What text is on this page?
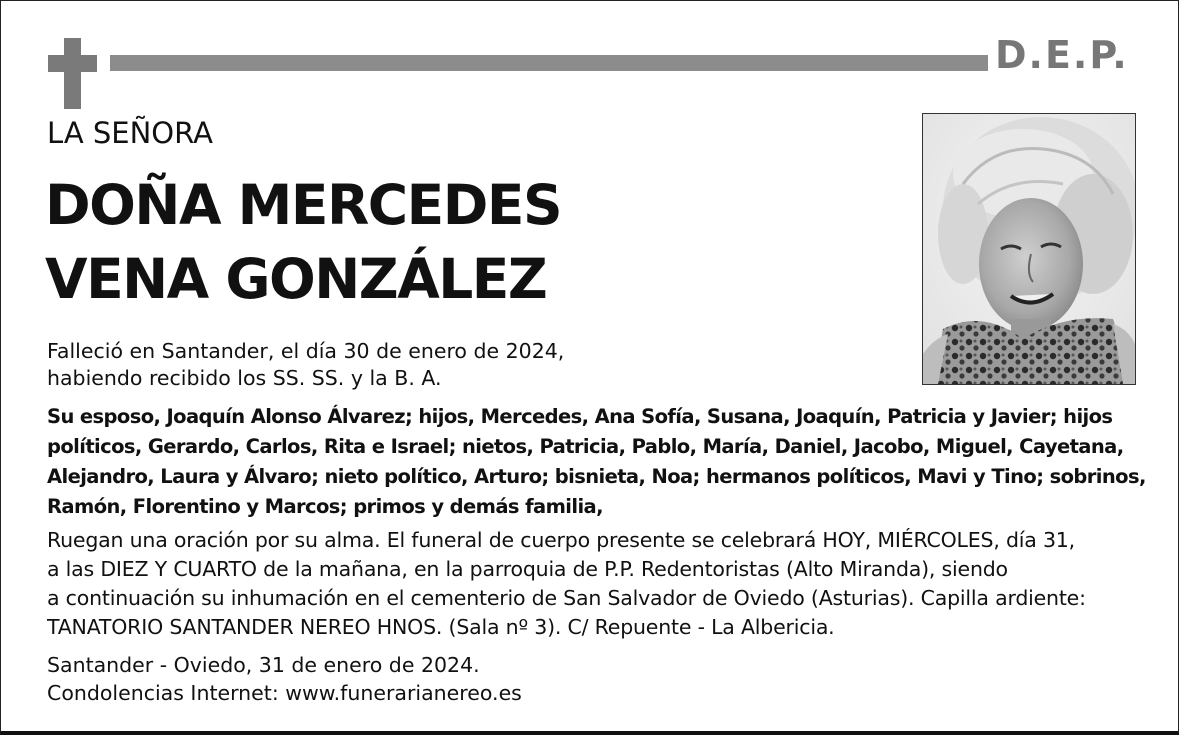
D.E.P.
LA SEÑORA
DOÑA MERCEDES
VENA GONZÁLEZ
Falleció en Santander, el día 30 de enero de 2024,
habiendo recibido los SS. SS. y la B. A.
Su esposo, Joaquín Alonso Álvarez; hijos, Mercedes, Ana Sofía, Susana, Joaquín, Patricia y Javier; hijos
políticos, Gerardo, Carlos, Rita e Israel; nietos, Patricia, Pablo, María, Daniel, Jacobo, Miguel, Cayetana,
Alejandro, Laura y Álvaro; nieto político, Arturo; bisnieta, Noa; hermanos políticos, Mavi y Tino; sobrinos,
Ramón, Florentino y Marcos; primos y demás familia,
Ruegan una oración por su alma. El funeral de cuerpo presente se celebrará HOY, MIÉRCOLES, día 31,
a las DIEZ Y CUARTO de la mañana, en la parroquia de P.P. Redentoristas (Alto Miranda), siendo
a continuación su inhumación en el cementerio de San Salvador de Oviedo (Asturias). Capilla ardiente:
TANATORIO SANTANDER NEREO HNOS. (Sala nº 3). C/ Repuente - La Albericia.
Santander - Oviedo, 31 de enero de 2024.
Condolencias Internet: www.funerarianereo.es
